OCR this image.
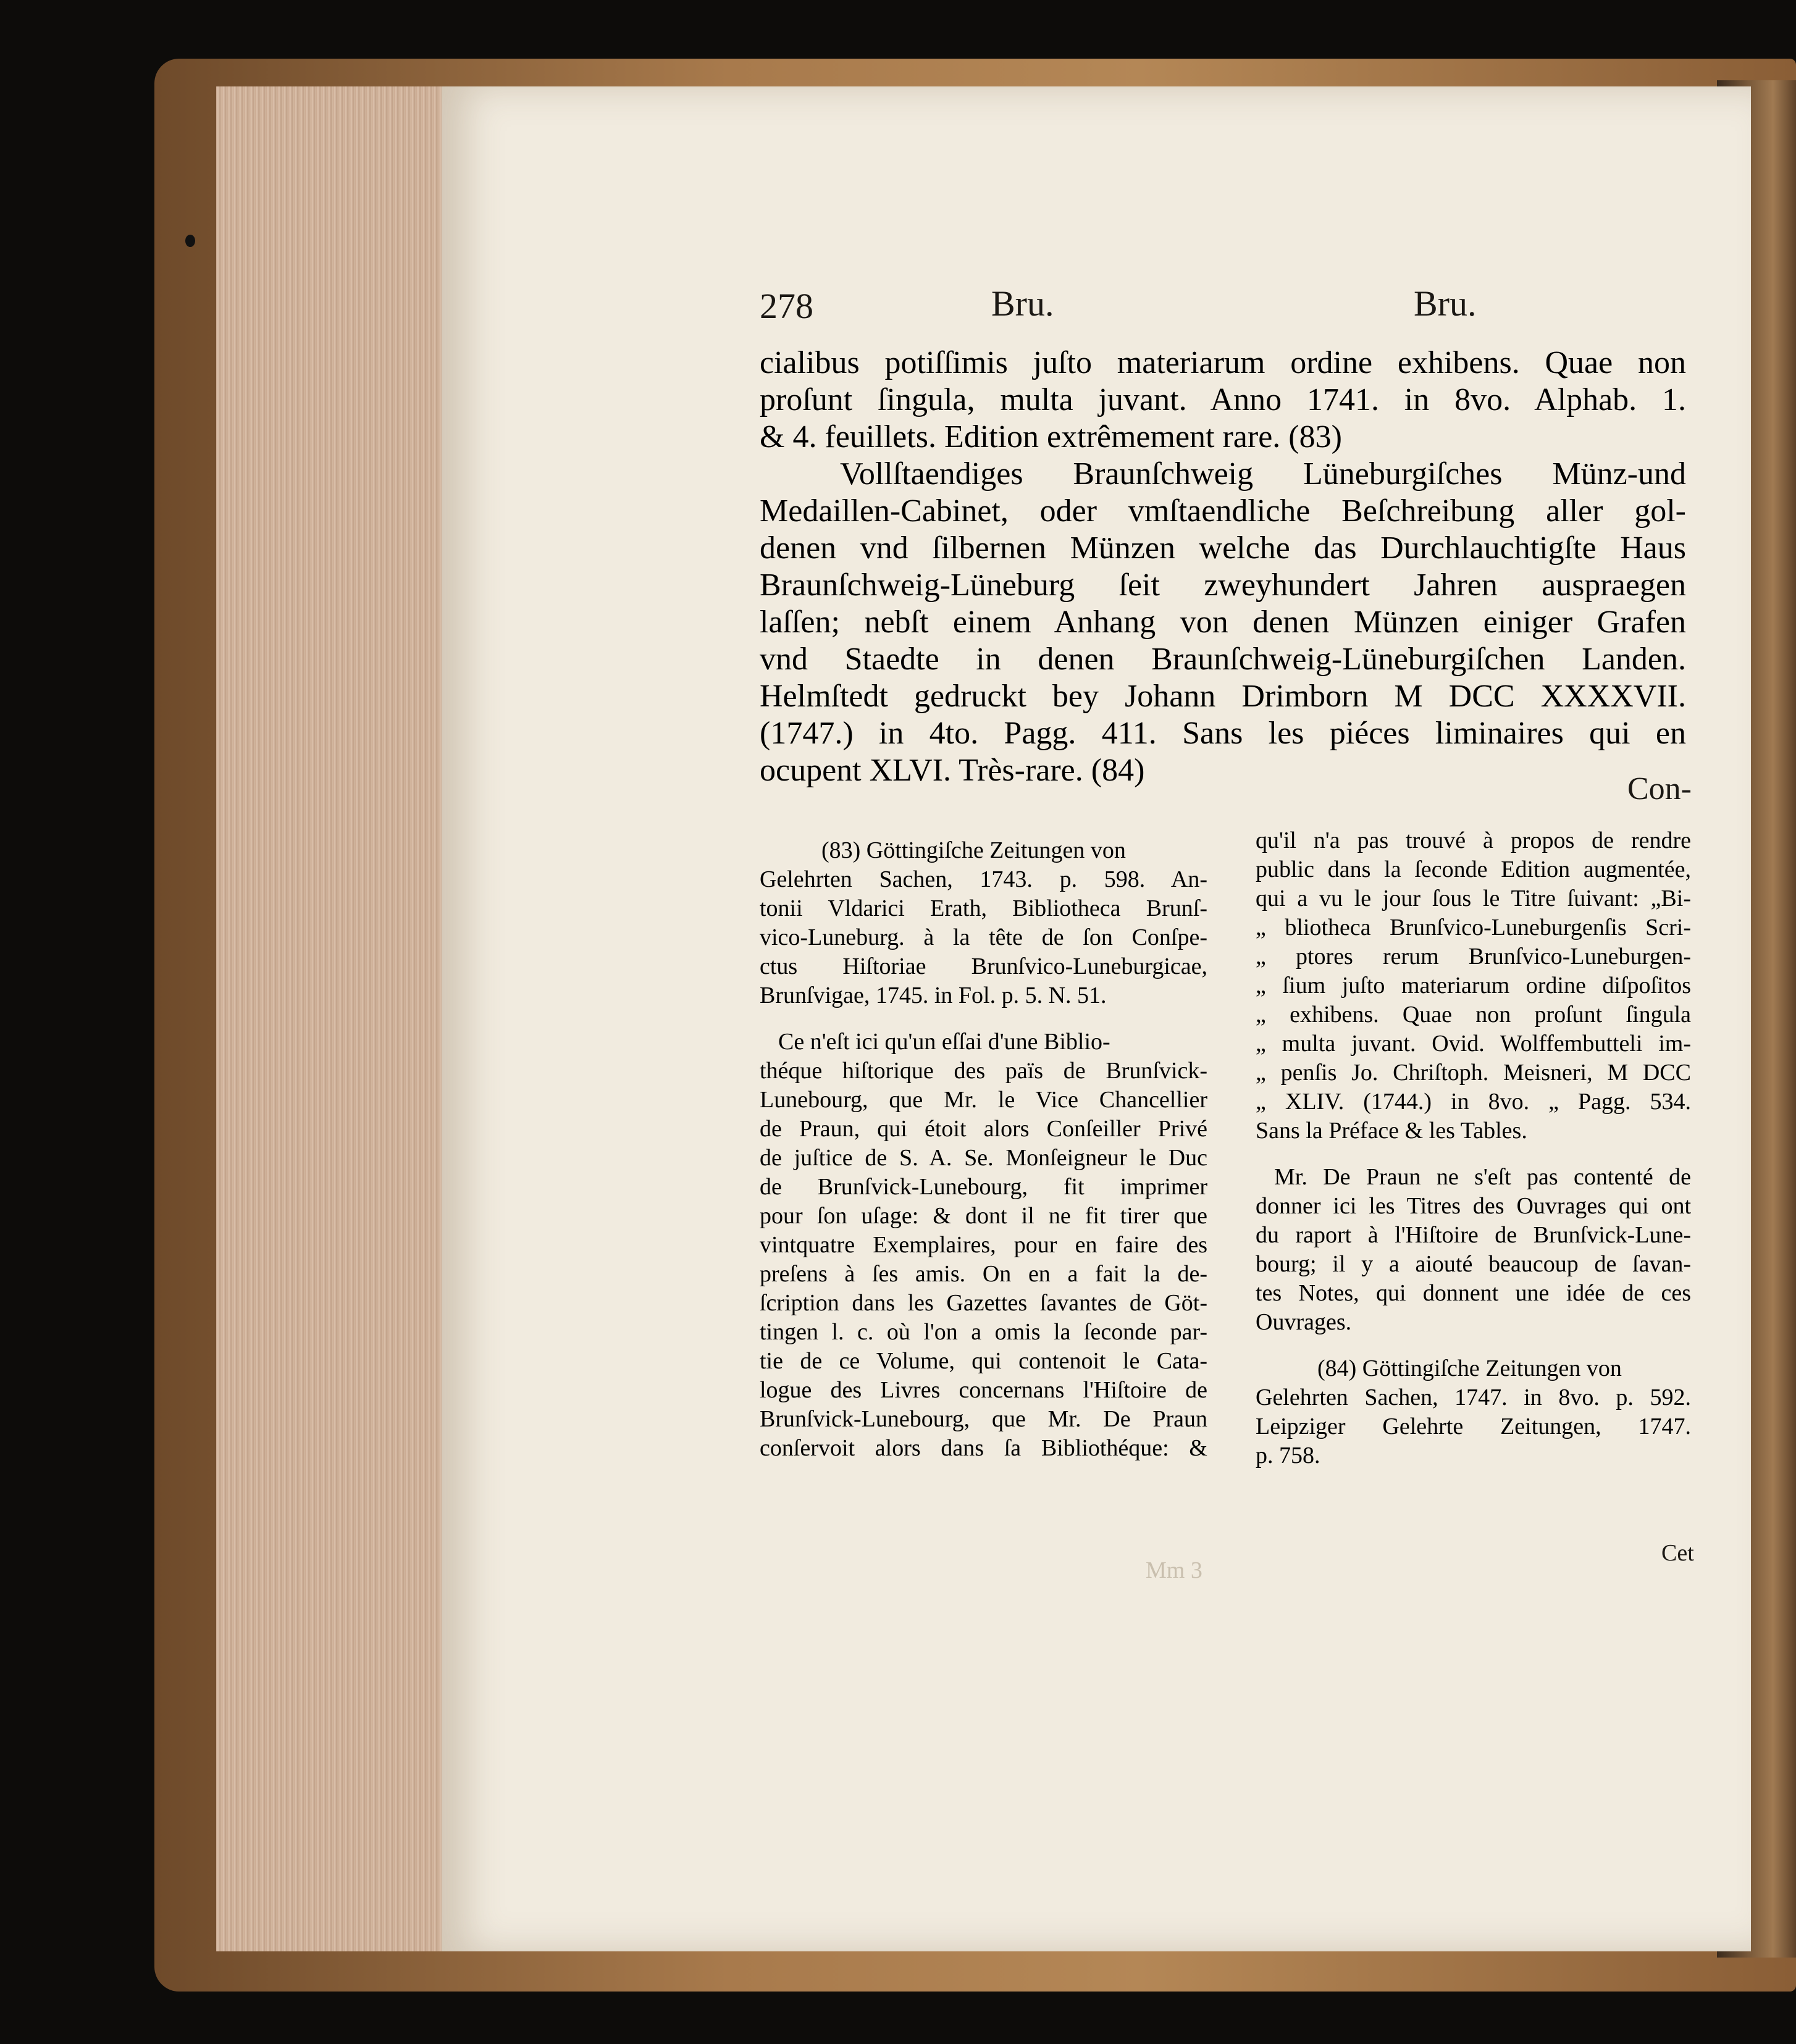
278	Bru.	Bru.
cialibus potiſſimis juſto materiarum ordine exhibens. Quae non
proſunt ſingula, multa juvant. Anno 1741. in 8vo. Alphab. 1.
& 4. feuillets. Edition extrêmement rare. (83)
Vollſtaendiges Braunſchweig Lüneburgiſches Münz-und
Medaillen-Cabinet, oder vmſtaendliche Beſchreibung aller gol-
denen vnd ſilbernen Münzen welche das Durchlauchtigſte Haus
Braunſchweig-Lüneburg ſeit zweyhundert Jahren auspraegen
laſſen; nebſt einem Anhang von denen Münzen einiger Grafen
vnd Staedte in denen Braunſchweig-Lüneburgiſchen Landen.
Helmſtedt gedruckt bey Johann Drimborn M DCC XXXXVII.
(1747.) in 4to. Pagg. 411. Sans les piéces liminaires qui en
ocupent XLVI. Très-rare. (84)
Con-
(83) Göttingiſche Zeitungen von
Gelehrten Sachen, 1743. p. 598. An-
tonii Vldarici Erath, Bibliotheca Brunſ-
vico-Luneburg. à la tête de ſon Conſpe-
ctus Hiſtoriae Brunſvico-Luneburgicae,
Brunſvigae, 1745. in Fol. p. 5. N. 51.
Ce n'eſt ici qu'un eſſai d'une Biblio-
théque hiſtorique des païs de Brunſvick-
Lunebourg, que Mr. le Vice Chancellier
de Praun, qui étoit alors Conſeiller Privé
de juſtice de S. A. Se. Monſeigneur le Duc
de Brunſvick-Lunebourg, fit imprimer
pour ſon uſage: & dont il ne fit tirer que
vintquatre Exemplaires, pour en faire des
preſens à ſes amis. On en a fait la de-
ſcription dans les Gazettes ſavantes de Göt-
tingen l. c. où l'on a omis la ſeconde par-
tie de ce Volume, qui contenoit le Cata-
logue des Livres concernans l'Hiſtoire de
Brunſvick-Lunebourg, que Mr. De Praun
conſervoit alors dans ſa Bibliothéque: &
qu'il n'a pas trouvé à propos de rendre
public dans la ſeconde Edition augmentée,
qui a vu le jour ſous le Titre ſuivant: „Bi-
„ bliotheca Brunſvico-Luneburgenſis Scri-
„ ptores rerum Brunſvico-Luneburgen-
„ ſium juſto materiarum ordine diſpoſitos
„ exhibens. Quae non proſunt ſingula
„ multa juvant. Ovid. Wolffembutteli im-
„ penſis Jo. Chriſtoph. Meisneri, M DCC
„ XLIV. (1744.) in 8vo. „ Pagg. 534.
Sans la Préface & les Tables.
Mr. De Praun ne s'eſt pas contenté de
donner ici les Titres des Ouvrages qui ont
du raport à l'Hiſtoire de Brunſvick-Lune-
bourg; il y a aiouté beaucoup de ſavan-
tes Notes, qui donnent une idée de ces
Ouvrages.
(84) Göttingiſche Zeitungen von
Gelehrten Sachen, 1747. in 8vo. p. 592.
Leipziger Gelehrte Zeitungen, 1747.
p. 758.
Cet
Mm 3
